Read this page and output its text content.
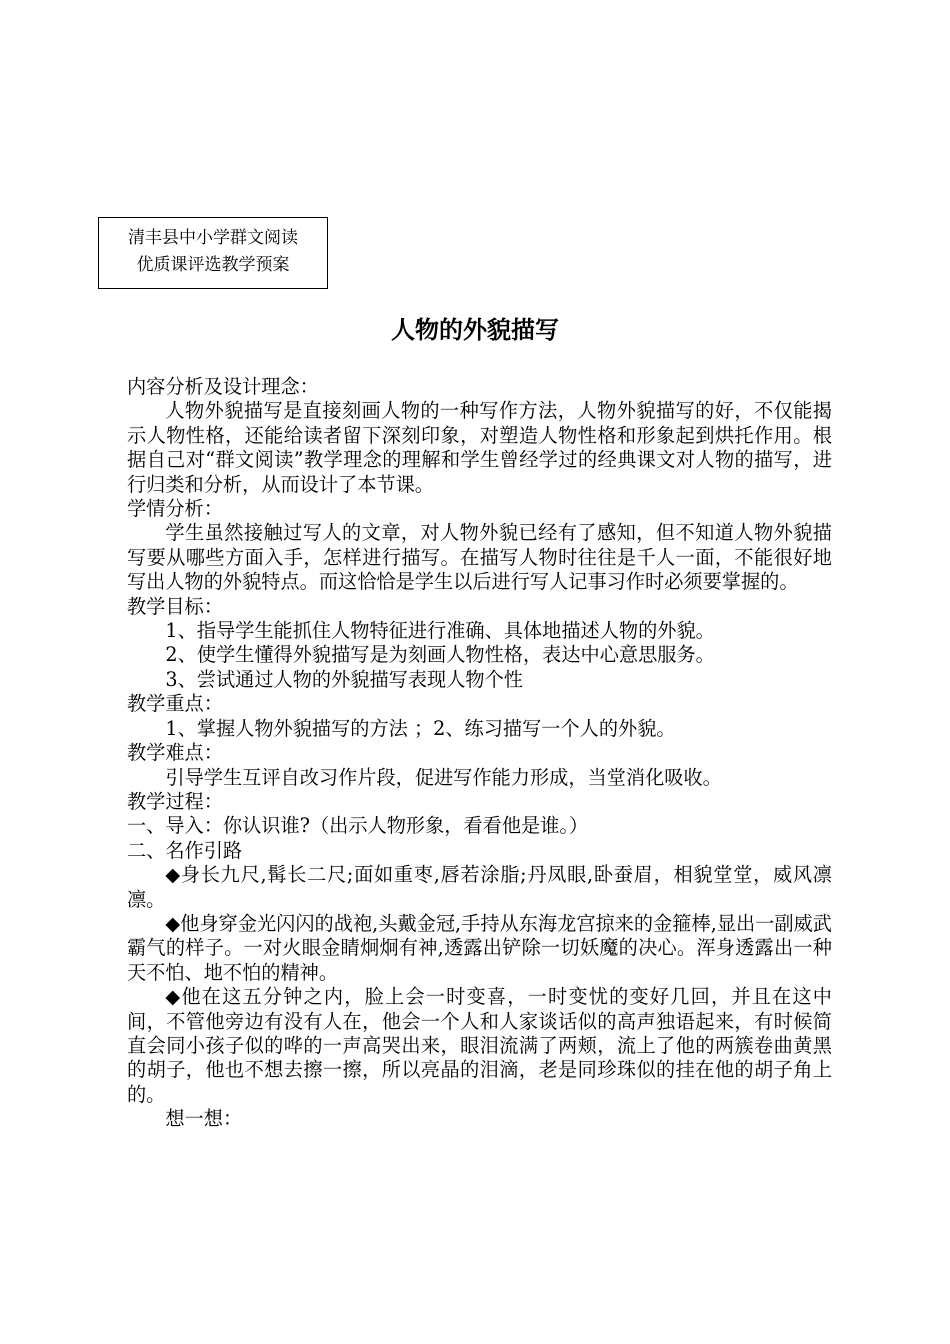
清丰县中小学群文阅读
优质课评选教学预案
人物的外貌描写

内容分析及设计理念：

人物外貌描写是直接刻画人物的一种写作方法，人物外貌描写的好，不仅能揭示人物性格，还能给读者留下深刻印象，对塑造人物性格和形象起到烘托作用。根据自己对“群文阅读”教学理念的理解和学生曾经学过的经典课文对人物的描写，进行归类和分析，从而设计了本节课。

学情分析：

学生虽然接触过写人的文章，对人物外貌已经有了感知，但不知道人物外貌描写要从哪些方面入手，怎样进行描写。在描写人物时往往是千人一面，不能很好地写出人物的外貌特点。而这恰恰是学生以后进行写人记事习作时必须要掌握的。

教学目标：

1、指导学生能抓住人物特征进行准确、具体地描述人物的外貌。

2、使学生懂得外貌描写是为刻画人物性格，表达中心意思服务。

3、尝试通过人物的外貌描写表现人物个性

教学重点：

1、掌握人物外貌描写的方法 ；2、练习描写一个人的外貌。

教学难点：

引导学生互评自改习作片段，促进写作能力形成，当堂消化吸收。

教学过程：

一、导入：你认识谁?（出示人物形象，看看他是谁。）

二、名作引路

◆身长九尺,髯长二尺;面如重枣,唇若涂脂;丹凤眼,卧蚕眉，相貌堂堂，威风凛凛。

◆他身穿金光闪闪的战袍,头戴金冠,手持从东海龙宫掠来的金箍棒,显出一副威武霸气的样子。一对火眼金睛炯炯有神,透露出铲除一切妖魔的决心。浑身透露出一种天不怕、地不怕的精神。

◆他在这五分钟之内，脸上会一时变喜，一时变忧的变好几回，并且在这中间，不管他旁边有没有人在，他会一个人和人家谈话似的高声独语起来，有时候简直会同小孩子似的哗的一声高哭出来，眼泪流满了两颊，流上了他的两簇卷曲黄黑的胡子，他也不想去擦一擦，所以亮晶的泪滴，老是同珍珠似的挂在他的胡子角上的。

想一想：
